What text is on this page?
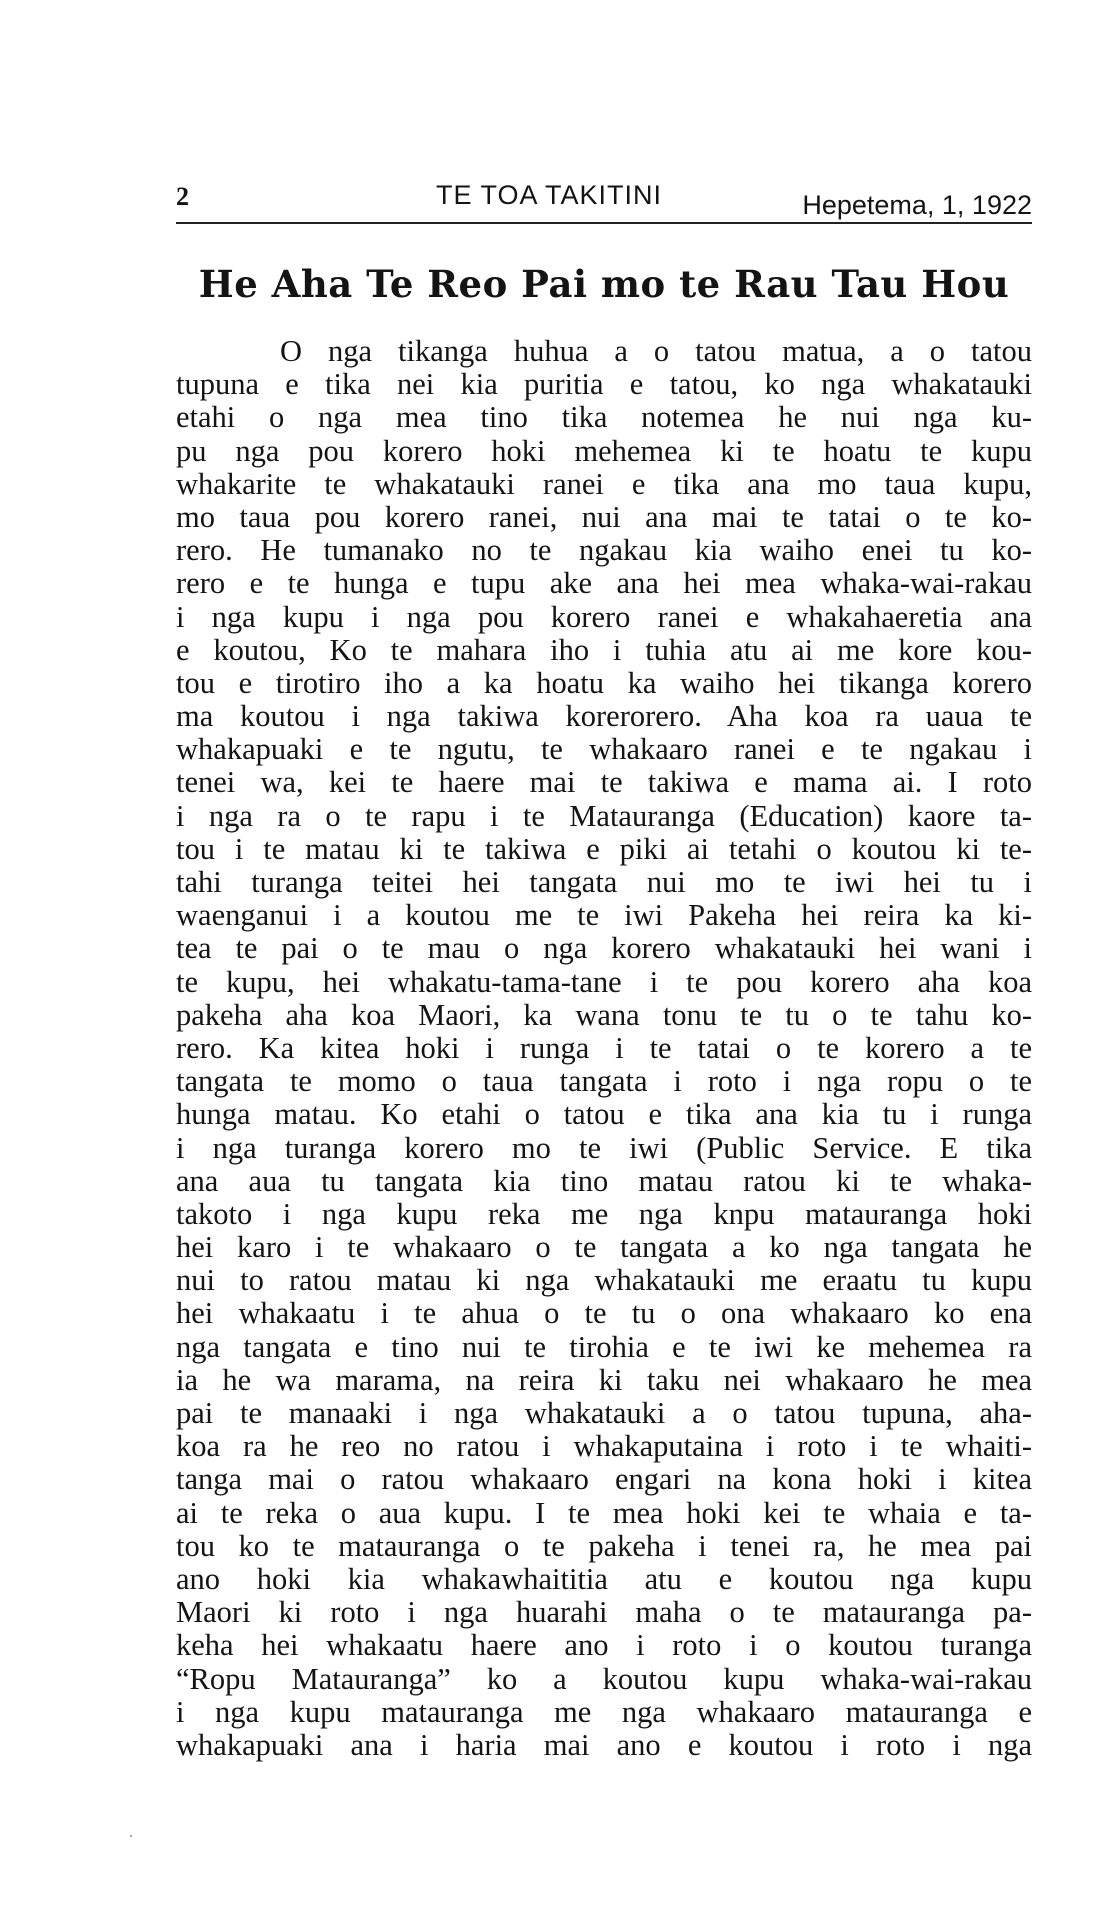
2	TE TOA TAKITINI	Hepetema, 1, 1922
He Aha Te Reo Pai mo te Rau Tau Hou
O nga tikanga huhua a o tatou matua, a o tatou
tupuna e tika nei kia puritia e tatou, ko nga whakatauki
etahi o nga mea tino tika notemea he nui nga ku-
pu nga pou korero hoki mehemea ki te hoatu te kupu
whakarite te whakatauki ranei e tika ana mo taua kupu,
mo taua pou korero ranei, nui ana mai te tatai o te ko-
rero. He tumanako no te ngakau kia waiho enei tu ko-
rero e te hunga e tupu ake ana hei mea whaka-wai-rakau
i nga kupu i nga pou korero ranei e whakahaeretia ana
e koutou, Ko te mahara iho i tuhia atu ai me kore kou-
tou e tirotiro iho a ka hoatu ka waiho hei tikanga korero
ma koutou i nga takiwa korerorero. Aha koa ra uaua te
whakapuaki e te ngutu, te whakaaro ranei e te ngakau i
tenei wa, kei te haere mai te takiwa e mama ai. I roto
i nga ra o te rapu i te Matauranga (Education) kaore ta-
tou i te matau ki te takiwa e piki ai tetahi o koutou ki te-
tahi turanga teitei hei tangata nui mo te iwi hei tu i
waenganui i a koutou me te iwi Pakeha hei reira ka ki-
tea te pai o te mau o nga korero whakatauki hei wani i
te kupu, hei whakatu-tama-tane i te pou korero aha koa
pakeha aha koa Maori, ka wana tonu te tu o te tahu ko-
rero. Ka kitea hoki i runga i te tatai o te korero a te
tangata te momo o taua tangata i roto i nga ropu o te
hunga matau. Ko etahi o tatou e tika ana kia tu i runga
i nga turanga korero mo te iwi (Public Service. E tika
ana aua tu tangata kia tino matau ratou ki te whaka-
takoto i nga kupu reka me nga knpu matauranga hoki
hei karo i te whakaaro o te tangata a ko nga tangata he
nui to ratou matau ki nga whakatauki me eraatu tu kupu
hei whakaatu i te ahua o te tu o ona whakaaro ko ena
nga tangata e tino nui te tirohia e te iwi ke mehemea ra
ia he wa marama, na reira ki taku nei whakaaro he mea
pai te manaaki i nga whakatauki a o tatou tupuna, aha-
koa ra he reo no ratou i whakaputaina i roto i te whaiti-
tanga mai o ratou whakaaro engari na kona hoki i kitea
ai te reka o aua kupu. I te mea hoki kei te whaia e ta-
tou ko te matauranga o te pakeha i tenei ra, he mea pai
ano hoki kia whakawhaititia atu e koutou nga kupu
Maori ki roto i nga huarahi maha o te matauranga pa-
keha hei whakaatu haere ano i roto i o koutou turanga
“Ropu Matauranga” ko a koutou kupu whaka-wai-rakau
i nga kupu matauranga me nga whakaaro matauranga e
whakapuaki ana i haria mai ano e koutou i roto i nga
